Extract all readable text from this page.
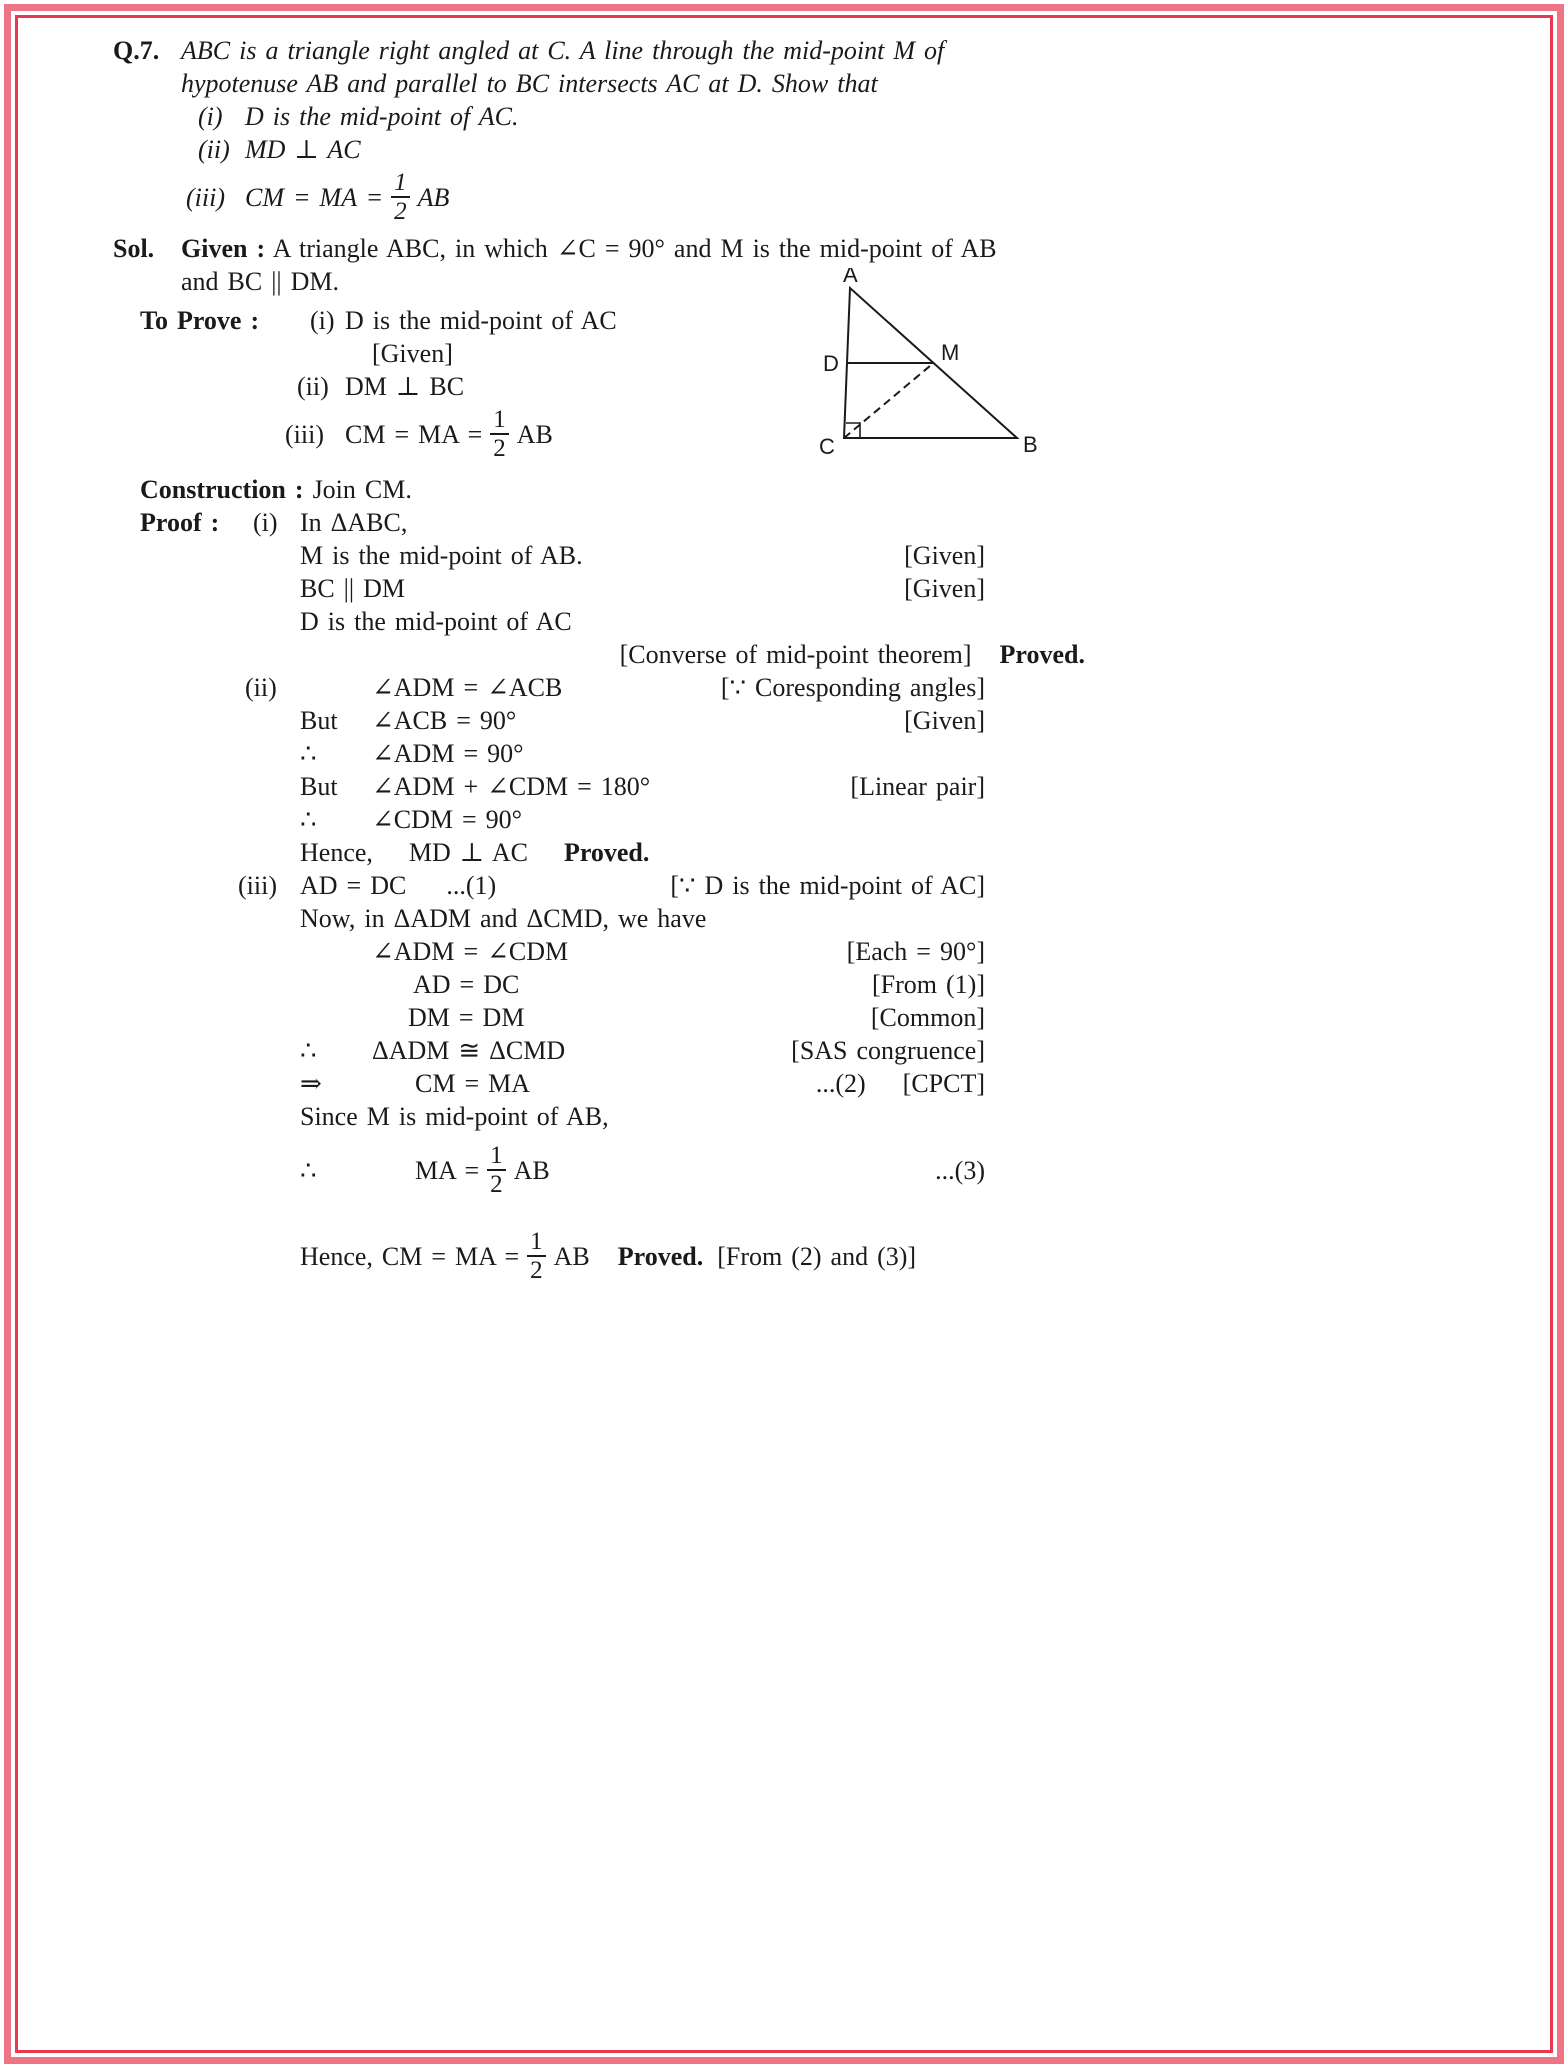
Q.7. ABC is a triangle right angled at C. A line through the mid-point M of
hypotenuse AB and parallel to BC intersects AC at D. Show that
(i) D is the mid-point of AC.
(ii) MD ⊥ AC
(iii) CM = MA = $\frac{1}{2}$ AB
Sol.	Given : A triangle ABC, in which ∠C = 90° and M is the mid-point of AB
and BC || DM.
To Prove :	(i) D is the mid-point of AC
[Given]
(ii) DM ⊥ BC
(iii) CM = MA = $\frac{1}{2}$ AB
Construction : Join CM.
Proof :	(i) In ΔABC,
M is the mid-point of AB.	[Given]
BC || DM	[Given]
D is the mid-point of AC
[Converse of mid-point theorem] Proved.
(ii)	∠ADM = ∠ACB	[∵ Coresponding angles]
But	∠ACB = 90°	[Given]
∴	∠ADM = 90°
But	∠ADM + ∠CDM = 180°	[Linear pair]
∴	∠CDM = 90°
Hence, MD ⊥ AC Proved.
(iii) AD = DC ...(1)	[∵ D is the mid-point of AC]
Now, in ΔADM and ΔCMD, we have
∠ADM = ∠CDM	[Each = 90°]
AD = DC	[From (1)]
DM = DM	[Common]
∴	ΔADM ≅ ΔCMD	[SAS congruence]
⇒	CM = MA	...(2) [CPCT]
Since M is mid-point of AB,
∴	MA = $\frac{1}{2}$ AB	...(3)
Hence, CM = MA = $\frac{1}{2}$ AB Proved. [From (2) and (3)]
A
D	M
C	B
